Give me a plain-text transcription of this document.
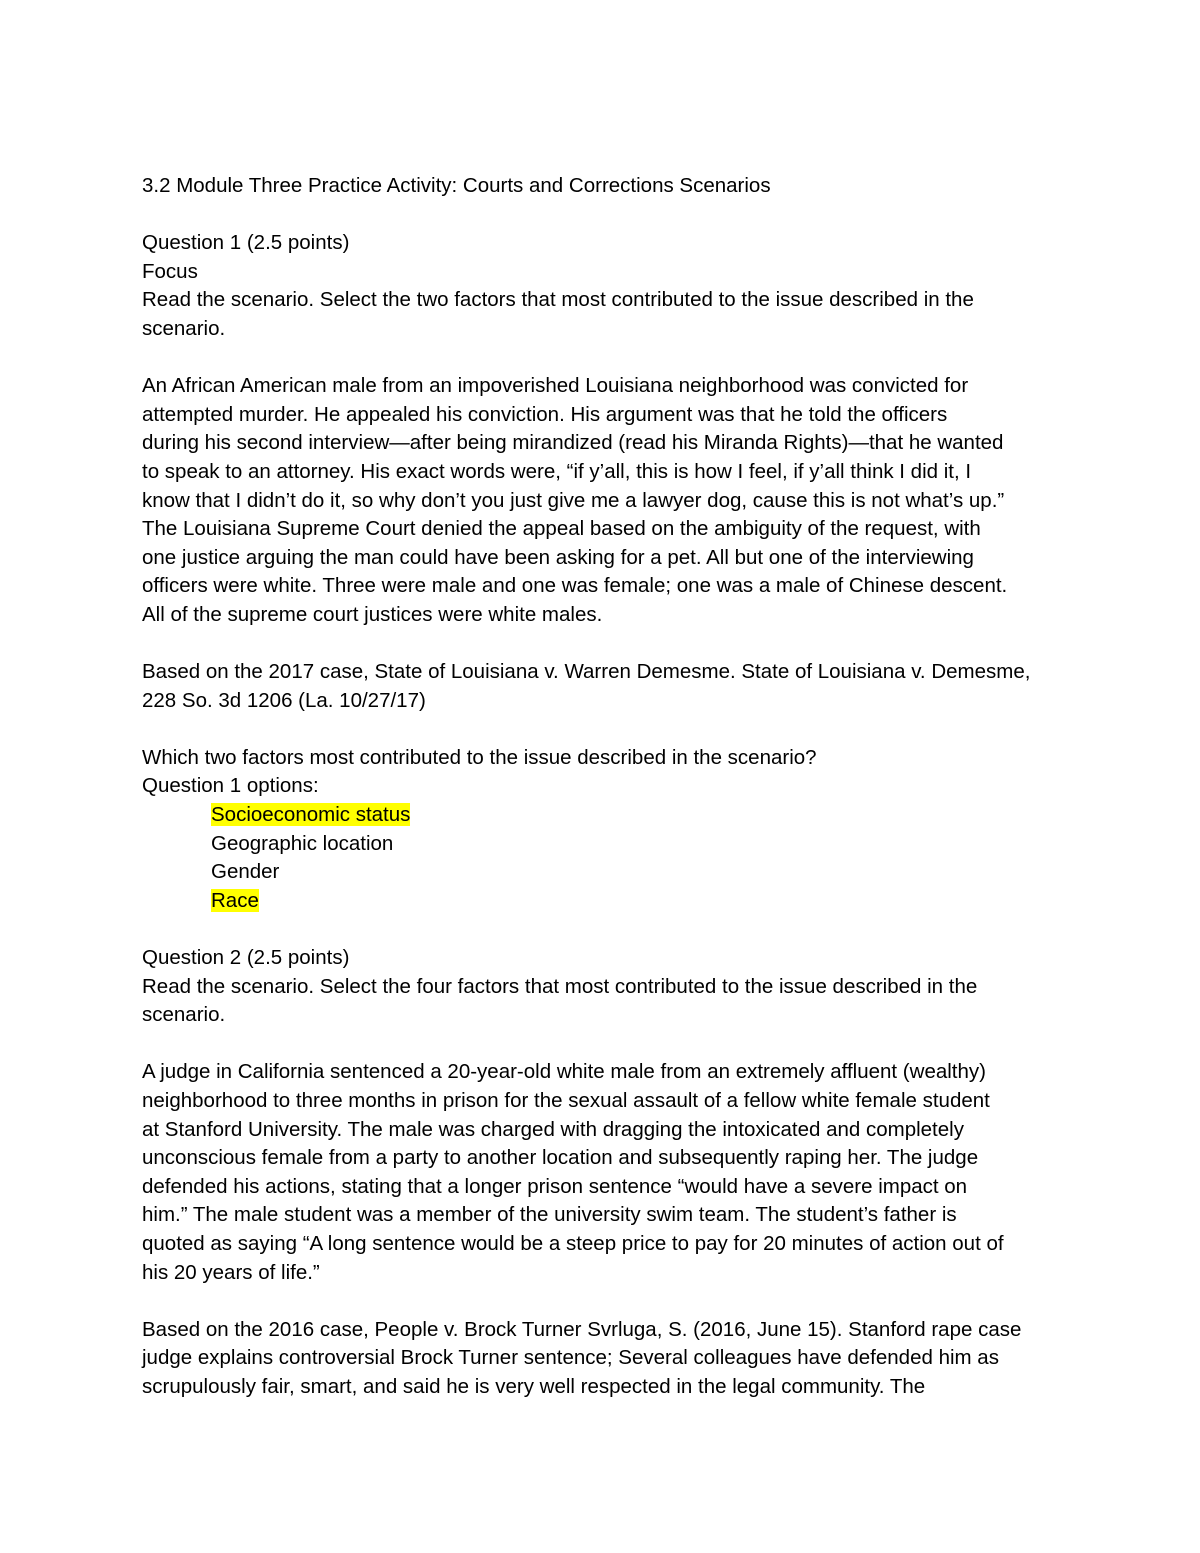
3.2 Module Three Practice Activity: Courts and Corrections Scenarios
Question 1 (2.5 points)
Focus
Read the scenario. Select the two factors that most contributed to the issue described in the
scenario.
An African American male from an impoverished Louisiana neighborhood was convicted for
attempted murder. He appealed his conviction. His argument was that he told the officers
during his second interview—after being mirandized (read his Miranda Rights)—that he wanted
to speak to an attorney. His exact words were, “if y’all, this is how I feel, if y’all think I did it, I
know that I didn’t do it, so why don’t you just give me a lawyer dog, cause this is not what’s up.”
The Louisiana Supreme Court denied the appeal based on the ambiguity of the request, with
one justice arguing the man could have been asking for a pet. All but one of the interviewing
officers were white. Three were male and one was female; one was a male of Chinese descent.
All of the supreme court justices were white males.
Based on the 2017 case, State of Louisiana v. Warren Demesme. State of Louisiana v. Demesme,
228 So. 3d 1206 (La. 10/27/17)
Which two factors most contributed to the issue described in the scenario?
Question 1 options:
Socioeconomic status
Geographic location
Gender
Race
Question 2 (2.5 points)
Read the scenario. Select the four factors that most contributed to the issue described in the
scenario.
A judge in California sentenced a 20-year-old white male from an extremely affluent (wealthy)
neighborhood to three months in prison for the sexual assault of a fellow white female student
at Stanford University. The male was charged with dragging the intoxicated and completely
unconscious female from a party to another location and subsequently raping her. The judge
defended his actions, stating that a longer prison sentence “would have a severe impact on
him.” The male student was a member of the university swim team. The student’s father is
quoted as saying “A long sentence would be a steep price to pay for 20 minutes of action out of
his 20 years of life.”
Based on the 2016 case, People v. Brock Turner Svrluga, S. (2016, June 15). Stanford rape case
judge explains controversial Brock Turner sentence; Several colleagues have defended him as
scrupulously fair, smart, and said he is very well respected in the legal community. The
